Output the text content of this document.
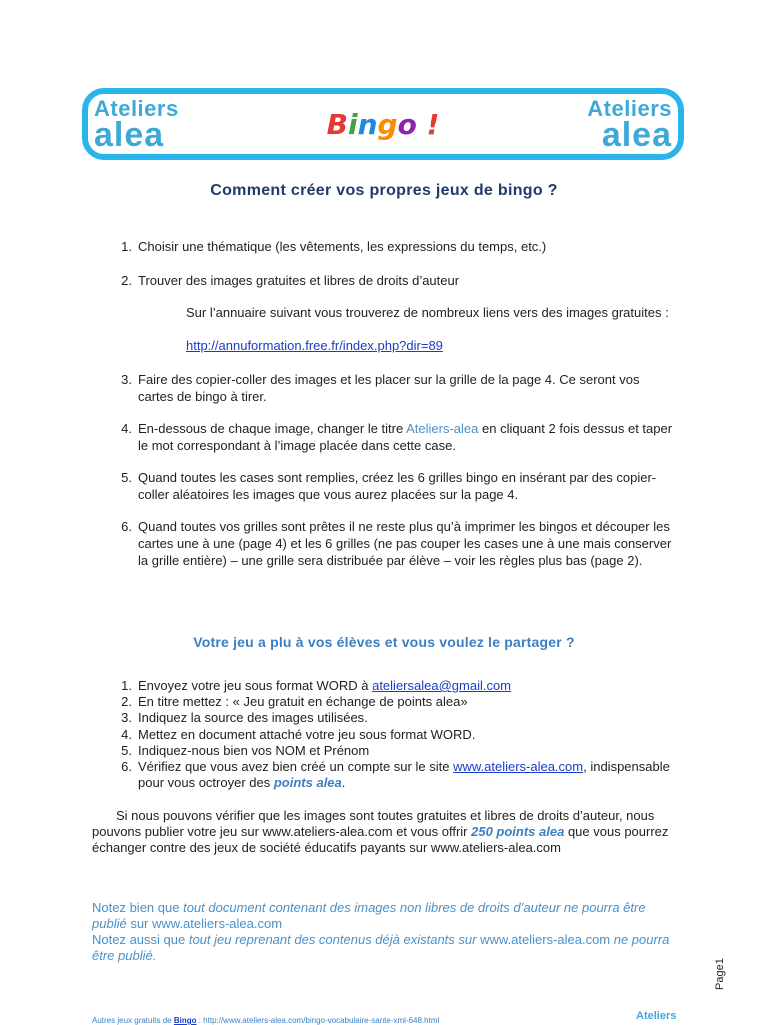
Ateliers
alea	Bingo !	Ateliers
alea
Comment créer vos propres jeux de bingo ?
1. Choisir une thématique (les vêtements, les expressions du temps, etc.)
2. Trouver des images gratuites et libres de droits d’auteur
Sur l’annuaire suivant vous trouverez de nombreux liens vers des images gratuites :
http://annuformation.free.fr/index.php?dir=89
3. Faire des copier-coller des images et les placer sur la grille de la page 4. Ce seront vos cartes de bingo à tirer.
4. En-dessous de chaque image, changer le titre Ateliers-alea en cliquant 2 fois dessus et taper le mot correspondant à l’image placée dans cette case.
5. Quand toutes les cases sont remplies, créez les 6 grilles bingo en insérant par des copier-coller aléatoires les images que vous aurez placées sur la page 4.
6. Quand toutes vos grilles sont prêtes il ne reste plus qu’à imprimer les bingos et découper les cartes une à une (page 4) et les 6 grilles (ne pas couper les cases une à une mais conserver la grille entière) – une grille sera distribuée par élève – voir les règles plus bas (page 2).
Votre jeu a plu à vos élèves et vous voulez le partager ?
1. Envoyez votre jeu sous format WORD à ateliersalea@gmail.com
2. En titre mettez : « Jeu gratuit en échange de points alea»
3. Indiquez la source des images utilisées.
4. Mettez en document attaché votre jeu sous format WORD.
5. Indiquez-nous bien vos NOM et Prénom
6. Vérifiez que vous avez bien créé un compte sur le site www.ateliers-alea.com, indispensable pour vous octroyer des points alea.
Si nous pouvons vérifier que les images sont toutes gratuites et libres de droits d’auteur, nous pouvons publier votre jeu sur www.ateliers-alea.com et vous offrir 250 points alea que vous pourrez échanger contre des jeux de société éducatifs payants sur www.ateliers-alea.com
Notez bien que tout document contenant des images non libres de droits d’auteur ne pourra être publié sur www.ateliers-alea.com
Notez aussi que tout jeu reprenant des contenus déjà existants sur www.ateliers-alea.com ne pourra être publié.
Page1
Autres jeux gratuits de Bingo : http://www.ateliers-alea.com/bingo-vocabulaire-sante-xml-648.html	Ateliers
